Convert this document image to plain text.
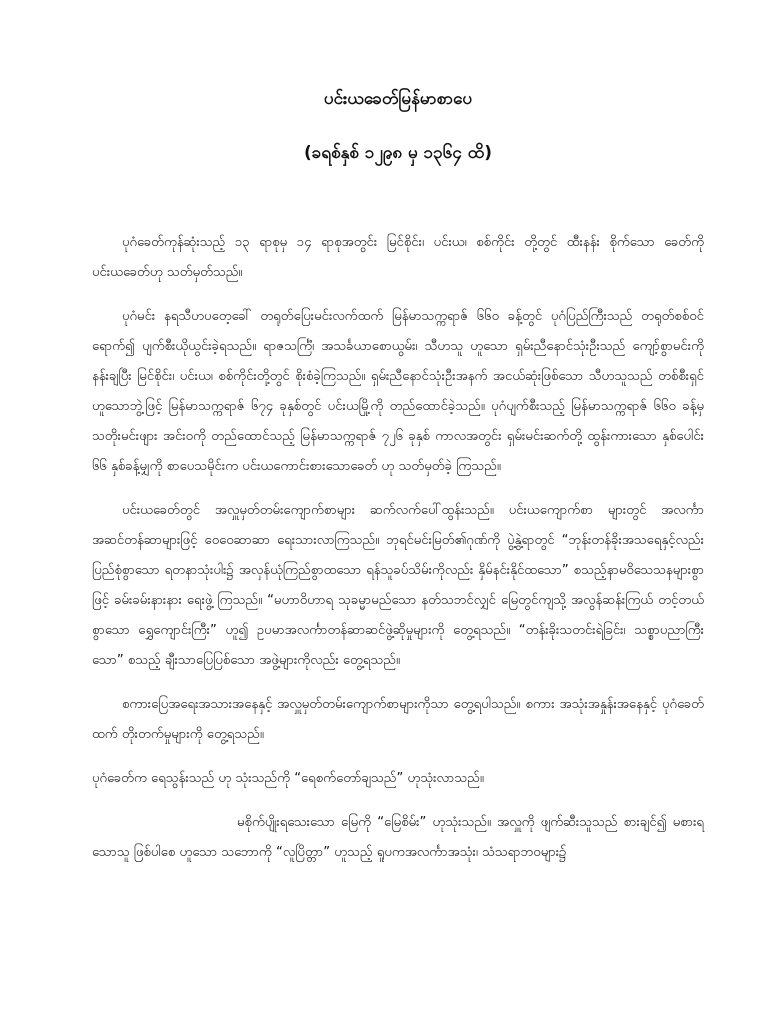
ပင်းယခေတ်မြန်မာစာပေ
(ခရစ်နှစ် ၁၂၉၈ မှ ၁၃၆၄ ထိ)

ပုဂံခေတ်ကုန်ဆုံးသည့် ၁၃ ရာစုမှ ၁၄ ရာစုအတွင်း မြင်စိုင်း၊ ပင်းယ၊ စစ်ကိုင်း တို့တွင် ထီးနန်း စိုက်သော ခေတ်ကို ပင်းယခေတ်ဟု သတ်မှတ်သည်။

ပုဂံမင်း နရသီဟပတေ့ခေါ် တရုတ်ပြေးမင်းလက်ထက် မြန်မာသက္ကရာဇ် ၆၆၀ ခန့်တွင် ပုဂံပြည်ကြီးသည် တရုတ်စစ်ဝင်ရောက်၍ ပျက်စီးယိုယွင်းခဲ့ရသည်။ ရာဇသင်္ကြံ၊ အသင်္ခယာစောယွမ်း၊ သီဟသူ ဟူသော ရှမ်းညီနောင်သုံးဦးသည် ကျော့်စွာမင်းကို နန်းချပြီး မြင်စိုင်း၊ ပင်းယ၊ စစ်ကိုင်းတို့တွင် စိုးစံခဲ့ကြသည်။ ရှမ်းညီနောင်သုံးဦးအနက် အငယ်ဆုံးဖြစ်သော သီဟသူသည် တစ်စီးရှင် ဟူသောဘွဲ့ဖြင့် မြန်မာသက္ကရာဇ် ၆၇၄ ခုနှစ်တွင် ပင်းယမြို့ကို တည်ထောင်ခဲ့သည်။ ပုဂံပျက်စီးသည့် မြန်မာသက္ကရာဇ် ၆၆၀ ခန့်မှ သတိုးမင်းဖျား အင်းဝကို တည်ထောင်သည့် မြန်မာသက္ကရာဇ် ၇၂၆ ခုနှစ် ကာလအတွင်း ရှမ်းမင်းဆက်တို့ ထွန်းကားသော နှစ်ပေါင်း ၆၆ နှစ်ခန့်မျှကို စာပေသမိုင်းက ပင်းယကောင်းစားသောခေတ် ဟု သတ်မှတ်ခဲ့ ကြသည်။

ပင်းယခေတ်တွင် အလှူမှတ်တမ်းကျောက်စာများ ဆက်လက်ပေါ်ထွန်းသည်။ ပင်းယကျောက်စာ များတွင် အလင်္ကာအဆင်တန်ဆာများဖြင့် ဝေဝေဆာဆာ ရေးသားလာကြသည်။ ဘုရင်မင်းမြတ်၏ဂုဏ်ကို ပွဲ့နွဲ့ရာတွင် “ဘုန်းတန်ခိုးအသရေနှင့်လည်းပြည်စုံစွာသော ရတနာသုံးပါး၌ အလှန်ယုံကြည်စွာထသော ရန်သူခပ်သိမ်းကိုလည်း နှိမ်နင်းနိုင်ထသော” စသည့်နာမဝိသေသနများစွာဖြင့် ခမ်းခမ်းနားနား ရေးဖွဲ့ ကြသည်။ “မဟာဝိဟာရ သုခမ္မာမည်သော နတ်သဘင်လျှင် မြေတွင်ကျသို့ အလွန်ဆန်းကြယ် တင့်တယ်စွာသော ရွှေကျောင်းကြီး” ဟူ၍ ဥပမာအလင်္ကာတန်ဆာဆင်ဖွဲ့ဆိုမှုများကို တွေ့ရသည်။ “တန်းခိုးသတင်းရဲခြင်း၊ သစ္စာပညာကြီးသော” စသည့် ချီးသာပြေပြစ်သော အဖွဲ့များကိုလည်း တွေ့ရသည်။

စကားပြေအရေးအသားအနေနှင့် အလှူမှတ်တမ်းကျောက်စာများကိုသာ တွေ့ရပါသည်။ စကား အသုံးအနှုန်းအနေနှင့် ပုဂံခေတ်ထက် တိုးတက်မှုများကို တွေ့ရသည်။

ပုဂံခေတ်က ရေသွန်းသည် ဟု သုံးသည်ကို “ရေစက်တော်ချသည်” ဟုသုံးလာသည်။

မစိုက်ပျိုးရသေးသော မြေကို “မြေစိမ်း” ဟုသုံးသည်။ အလှူကို ဖျက်ဆီးသူသည် စားချင်၍ မစားရသောသူ ဖြစ်ပါစေ ဟူသော သဘောကို “လူပြိတ္တာ” ဟူသည့် ရူပကအလင်္ကာအသုံး၊ သံသရာဘဝများ၌
